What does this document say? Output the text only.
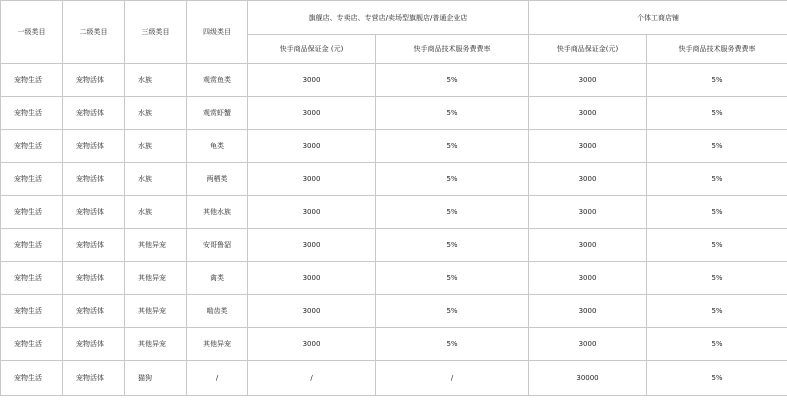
一级类目	二级类目	三级类目	四级类目	旗舰店、专卖店、专营店/卖场型旗舰店/普通企业店		个体工商店铺	
				快手商品保证金 (元)	快手商品技术服务费费率	快手商品保证金(元)	快手商品技术服务费费率
宠物生活	宠物活体	水族	观赏鱼类	3000	5%	3000	5%
宠物生活	宠物活体	水族	观赏虾蟹	3000	5%	3000	5%
宠物生活	宠物活体	水族	龟类	3000	5%	3000	5%
宠物生活	宠物活体	水族	两栖类	3000	5%	3000	5%
宠物生活	宠物活体	水族	其他水族	3000	5%	3000	5%
宠物生活	宠物活体	其他异宠	安哥鲁貂	3000	5%	3000	5%
宠物生活	宠物活体	其他异宠	禽类	3000	5%	3000	5%
宠物生活	宠物活体	其他异宠	啮齿类	3000	5%	3000	5%
宠物生活	宠物活体	其他异宠	其他异宠	3000	5%	3000	5%
宠物生活	宠物活体	猫狗	/	/	/	30000	5%
